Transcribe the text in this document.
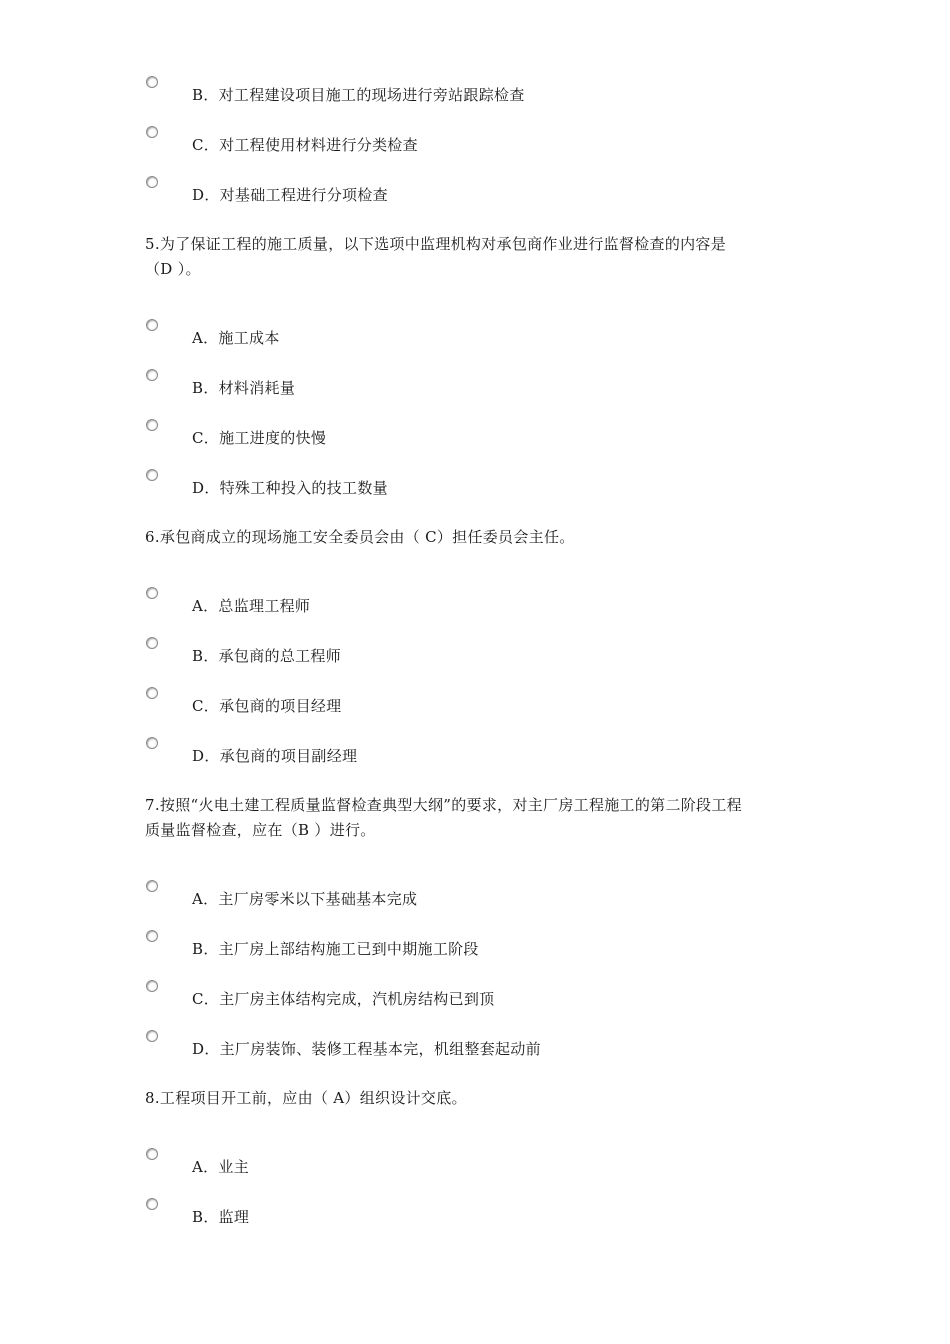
B．对工程建设项目施工的现场进行旁站跟踪检查
C．对工程使用材料进行分类检查
D．对基础工程进行分项检查
5.为了保证工程的施工质量，以下选项中监理机构对承包商作业进行监督检查的内容是
（D ）。
A．施工成本
B．材料消耗量
C．施工进度的快慢
D．特殊工种投入的技工数量
6.承包商成立的现场施工安全委员会由（ C）担任委员会主任。
A．总监理工程师
B．承包商的总工程师
C．承包商的项目经理
D．承包商的项目副经理
7.按照“火电土建工程质量监督检查典型大纲”的要求，对主厂房工程施工的第二阶段工程
质量监督检查，应在（B ）进行。
A．主厂房零米以下基础基本完成
B．主厂房上部结构施工已到中期施工阶段
C．主厂房主体结构完成，汽机房结构已到顶
D．主厂房装饰、装修工程基本完，机组整套起动前
8.工程项目开工前，应由（ A）组织设计交底。
A．业主
B．监理
